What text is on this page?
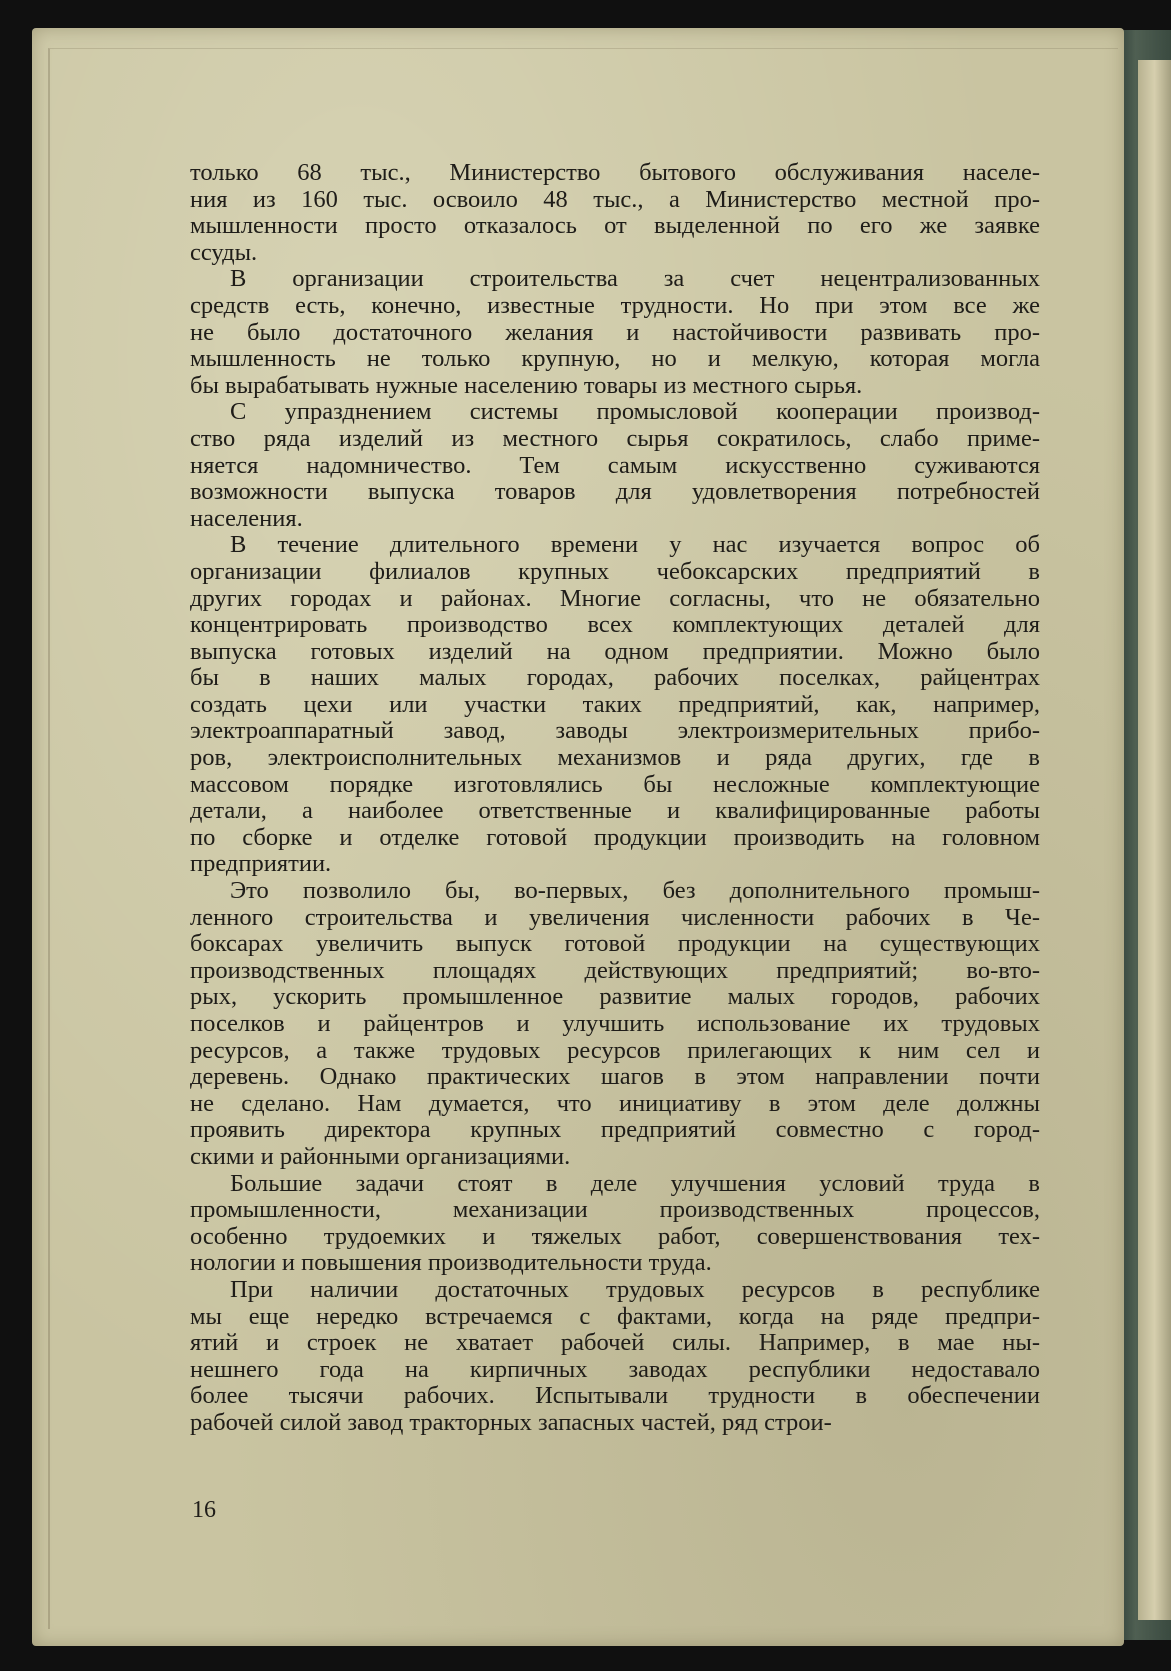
только 68 тыс., Министерство бытового обслуживания населе-
ния из 160 тыс. освоило 48 тыс., а Министерство местной про-
мышленности просто отказалось от выделенной по его же заявке
ссуды.
В организации строительства за счет нецентрализованных
средств есть, конечно, известные трудности. Но при этом все же
не было достаточного желания и настойчивости развивать про-
мышленность не только крупную, но и мелкую, которая могла
бы вырабатывать нужные населению товары из местного сырья.
С упразднением системы промысловой кооперации производ-
ство ряда изделий из местного сырья сократилось, слабо приме-
няется надомничество. Тем самым искусственно суживаются
возможности выпуска товаров для удовлетворения потребностей
населения.
В течение длительного времени у нас изучается вопрос об
организации филиалов крупных чебоксарских предприятий в
других городах и районах. Многие согласны, что не обязательно
концентрировать производство всех комплектующих деталей для
выпуска готовых изделий на одном предприятии. Можно было
бы в наших малых городах, рабочих поселках, райцентрах
создать цехи или участки таких предприятий, как, например,
электроаппаратный завод, заводы электроизмерительных прибо-
ров, электроисполнительных механизмов и ряда других, где в
массовом порядке изготовлялись бы несложные комплектующие
детали, а наиболее ответственные и квалифицированные работы
по сборке и отделке готовой продукции производить на головном
предприятии.
Это позволило бы, во-первых, без дополнительного промыш-
ленного строительства и увеличения численности рабочих в Че-
боксарах увеличить выпуск готовой продукции на существующих
производственных площадях действующих предприятий; во-вто-
рых, ускорить промышленное развитие малых городов, рабочих
поселков и райцентров и улучшить использование их трудовых
ресурсов, а также трудовых ресурсов прилегающих к ним сел и
деревень. Однако практических шагов в этом направлении почти
не сделано. Нам думается, что инициативу в этом деле должны
проявить директора крупных предприятий совместно с город-
скими и районными организациями.
Большие задачи стоят в деле улучшения условий труда в
промышленности, механизации производственных процессов,
особенно трудоемких и тяжелых работ, совершенствования тех-
нологии и повышения производительности труда.
При наличии достаточных трудовых ресурсов в республике
мы еще нередко встречаемся с фактами, когда на ряде предпри-
ятий и строек не хватает рабочей силы. Например, в мае ны-
нешнего года на кирпичных заводах республики недоставало
более тысячи рабочих. Испытывали трудности в обеспечении
рабочей силой завод тракторных запасных частей, ряд строи-
16
